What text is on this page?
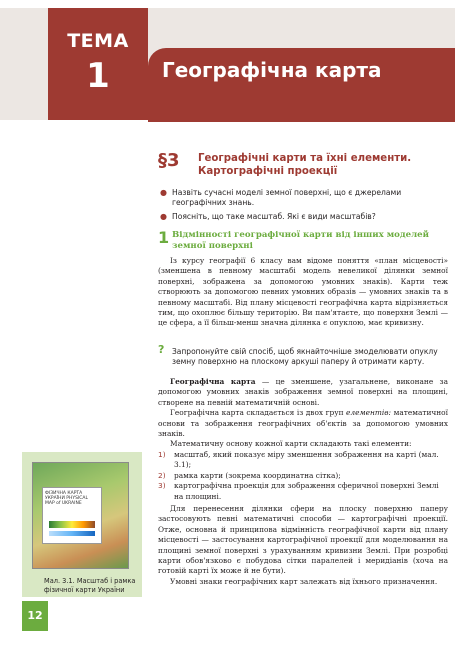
ТЕМА
1	Географічна карта
ФІЗИЧНА КАРТА УКРАЇНИ PHYSICAL MAP of UKRAINE
Мал. 3.1. Масштаб і рамка фізичної карти України
12
§3 Географічні карти та їхні елементи. Картографічні проекції
● Назвіть сучасні моделі земної поверхні, що є джерелами географічних знань.
● Поясніть, що таке масштаб. Які є види масштабів?
1 Відмінності географічної карти від інших моделей земної поверхні

Із курсу географії 6 класу вам відоме поняття «план місцевості» (зменшена в певному масштабі модель невеликої ділянки земної поверхні, зображена за допомогою умовних знаків). Карти теж створюють за допомогою певних умовних образів — умовних знаків та в певному масштабі. Від плану місцевості географічна карта відрізняється тим, що охоплює більшу територію. Ви пам'ятаєте, що поверхня Землі — це сфера, а її більш-менш значна ділянка є опуклою, має кривизну.

? Запропонуйте свій спосіб, щоб якнайточніше змоделювати опуклу земну поверхню на плоскому аркуші паперу й отримати карту.

Географічна карта — це зменшене, узагальнене, виконане за допомогою умовних знаків зображення земної поверхні на площині, створене на певній математичній основі.

Географічна карта складається із двох груп елементів: математичної основи та зображення географічних об'єктів за допомогою умовних знаків.

Математичну основу кожної карти складають такі елементи:

1) масштаб, який показує міру зменшення зображення на карті (мал. 3.1);
2) рамка карти (зокрема координатна сітка);
3) картографічна проекція для зображення сферичної поверхні Землі на площині.

Для перенесення ділянки сфери на плоску поверхню паперу застосовують певні математичні способи — картографічні проекції. Отже, основна й принципова відмінність географічної карти від плану місцевості — застосування картографічної проекції для моделювання на площині земної поверхні з урахуванням кривизни Землі. При розробці карти обов'язково є побудова сітки паралелей і меридіанів (хоча на готовій карті їх може й не бути).

Умовні знаки географічних карт залежать від їхнього призначення.
